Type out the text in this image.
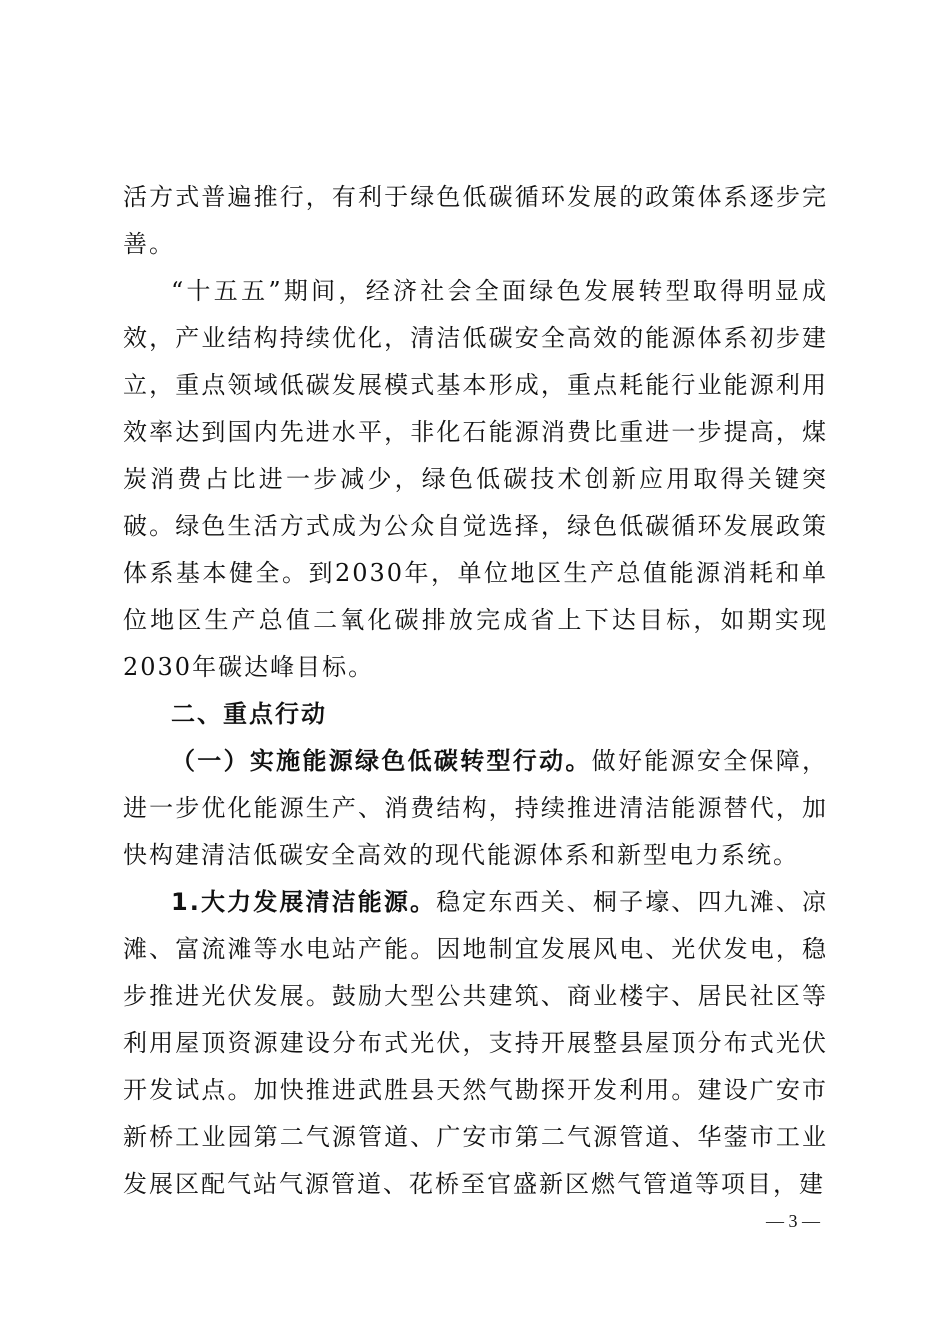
活方式普遍推行，有利于绿色低碳循环发展的政策体系逐步完善。

“十五五”期间，经济社会全面绿色发展转型取得明显成效，产业结构持续优化，清洁低碳安全高效的能源体系初步建立，重点领域低碳发展模式基本形成，重点耗能行业能源利用效率达到国内先进水平，非化石能源消费比重进一步提高，煤炭消费占比进一步减少，绿色低碳技术创新应用取得关键突破。绿色生活方式成为公众自觉选择，绿色低碳循环发展政策体系基本健全。到2030年，单位地区生产总值能源消耗和单位地区生产总值二氧化碳排放完成省上下达目标，如期实现2030年碳达峰目标。

二、重点行动

（一）实施能源绿色低碳转型行动。做好能源安全保障，进一步优化能源生产、消费结构，持续推进清洁能源替代，加快构建清洁低碳安全高效的现代能源体系和新型电力系统。

1.大力发展清洁能源。稳定东西关、桐子壕、四九滩、凉滩、富流滩等水电站产能。因地制宜发展风电、光伏发电，稳步推进光伏发展。鼓励大型公共建筑、商业楼宇、居民社区等利用屋顶资源建设分布式光伏，支持开展整县屋顶分布式光伏开发试点。加快推进武胜县天然气勘探开发利用。建设广安市新桥工业园第二气源管道、广安市第二气源管道、华蓥市工业发展区配气站气源管道、花桥至官盛新区燃气管道等项目，建

— 3 —
